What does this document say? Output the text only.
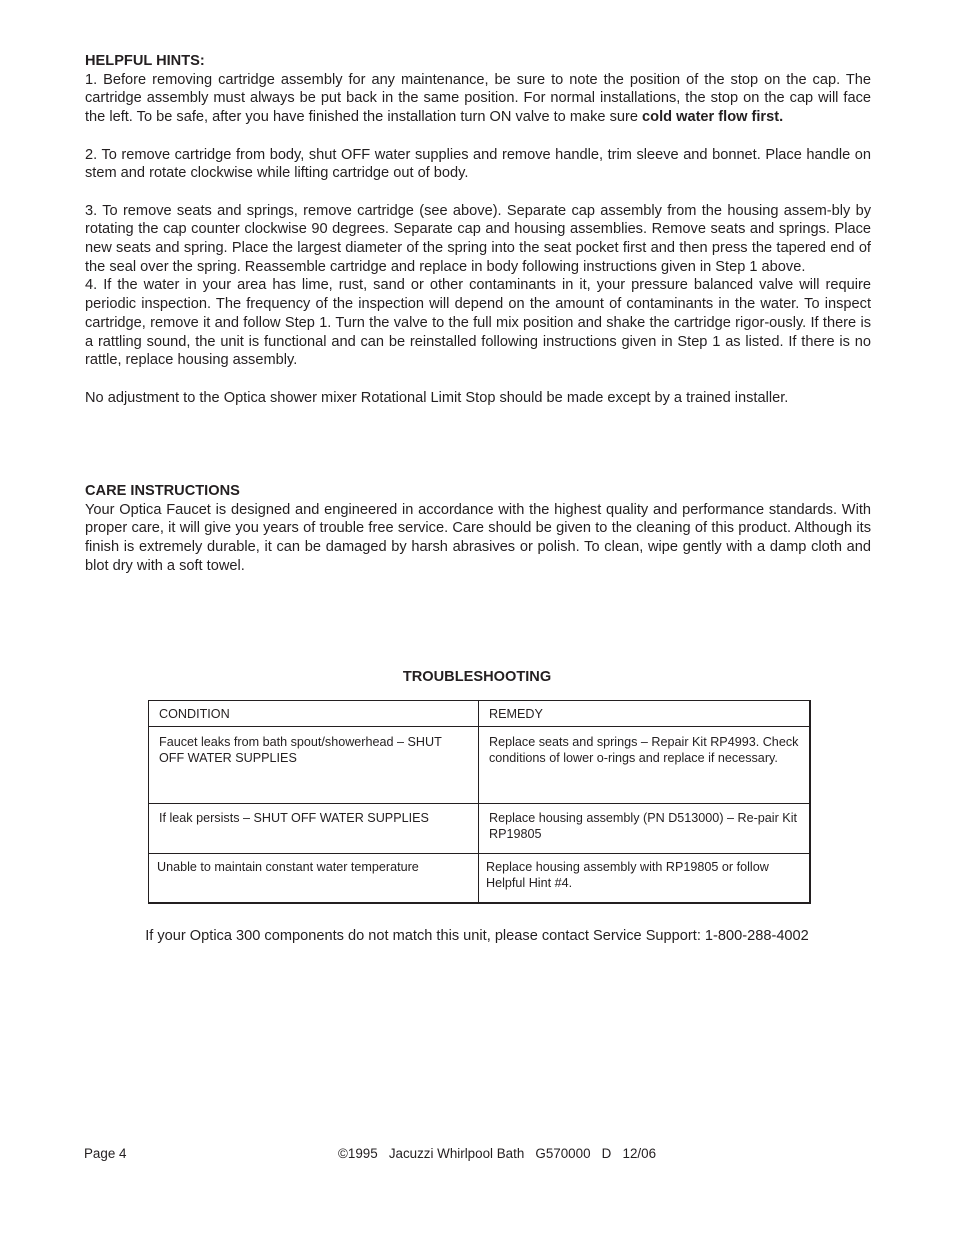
HELPFUL HINTS:

1. Before removing cartridge assembly for any maintenance, be sure to note the position of the stop on the cap. The cartridge assembly must always be put back in the same position. For normal installations, the stop on the cap will face the left. To be safe, after you have finished the installation turn ON valve to make sure cold water flow first.

2. To remove cartridge from body, shut OFF water supplies and remove handle, trim sleeve and bonnet. Place handle on stem and rotate clockwise while lifting cartridge out of body.

3. To remove seats and springs, remove cartridge (see above). Separate cap assembly from the housing assem-bly by rotating the cap counter clockwise 90 degrees. Separate cap and housing assemblies. Remove seats and springs. Place new seats and spring. Place the largest diameter of the spring into the seat pocket first and then press the tapered end of the seal over the spring. Reassemble cartridge and replace in body following instructions given in Step 1 above.

4. If the water in your area has lime, rust, sand or other contaminants in it, your pressure balanced valve will require periodic inspection. The frequency of the inspection will depend on the amount of contaminants in the water. To inspect cartridge, remove it and follow Step 1. Turn the valve to the full mix position and shake the cartridge rigor-ously. If there is a rattling sound, the unit is functional and can be reinstalled following instructions given in Step 1 as listed. If there is no rattle, replace housing assembly.

No adjustment to the Optica shower mixer Rotational Limit Stop should be made except by a trained installer.

CARE INSTRUCTIONS

Your Optica Faucet is designed and engineered in accordance with the highest quality and performance standards. With proper care, it will give you years of trouble free service. Care should be given to the cleaning of this product. Although its finish is extremely durable, it can be damaged by harsh abrasives or polish. To clean, wipe gently with a damp cloth and blot dry with a soft towel.

TROUBLESHOOTING
CONDITION	REMEDY
Faucet leaks from bath spout/showerhead – SHUT OFF WATER SUPPLIES	Replace seats and springs – Repair Kit RP4993. Check conditions of lower o-rings and replace if necessary.
If leak persists – SHUT OFF WATER SUPPLIES	Replace housing assembly (PN D513000) – Re-pair Kit RP19805
Unable to maintain constant water temperature	Replace housing assembly with RP19805 or follow Helpful Hint #4.
If your Optica 300 components do not match this unit, please contact Service Support: 1-800-288-4002
Page 4	©1995   Jacuzzi Whirlpool Bath   G570000   D   12/06
